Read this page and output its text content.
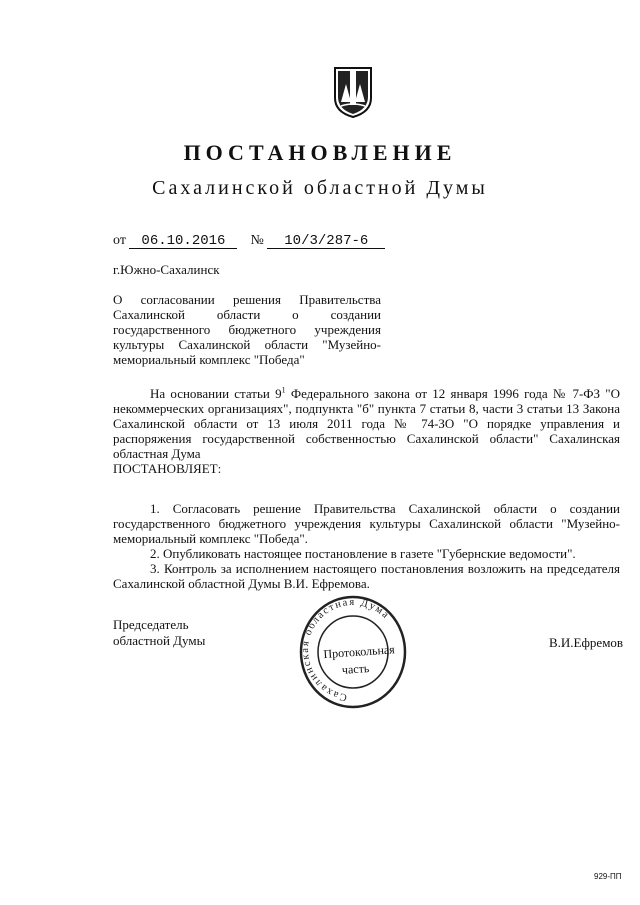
ПОСТАНОВЛЕНИЕ
Сахалинской областной Думы
от 06.10.2016 № 10/3/287-6
г.Южно-Сахалинск
О согласовании решения Правительства Сахалинской области о создании государственного бюджетного учреждения культуры Сахалинской области "Музейно-мемориальный комплекс "Победа"

На основании статьи $9^1$ Федерального закона от 12 января 1996 года № 7-ФЗ "О некоммерческих организациях", подпункта "б" пункта 7 статьи 8, части 3 статьи 13 Закона Сахалинской области от 13 июля 2011 года № 74-ЗО "О порядке управления и распоряжения государственной собственностью Сахалинской области" Сахалинская областная Дума

ПОСТАНОВЛЯЕТ:

1. Согласовать решение Правительства Сахалинской области о создании государственного бюджетного учреждения культуры Сахалинской области "Музейно-мемориальный комплекс "Победа".

2. Опубликовать настоящее постановление в газете "Губернские ведомости".

3. Контроль за исполнением настоящего постановления возложить на председателя Сахалинской областной Думы В.И. Ефремова.

Председатель
областной Думы
Сахалинская областная Дума
Протокольная
часть
В.И.Ефремов
929-ПП
